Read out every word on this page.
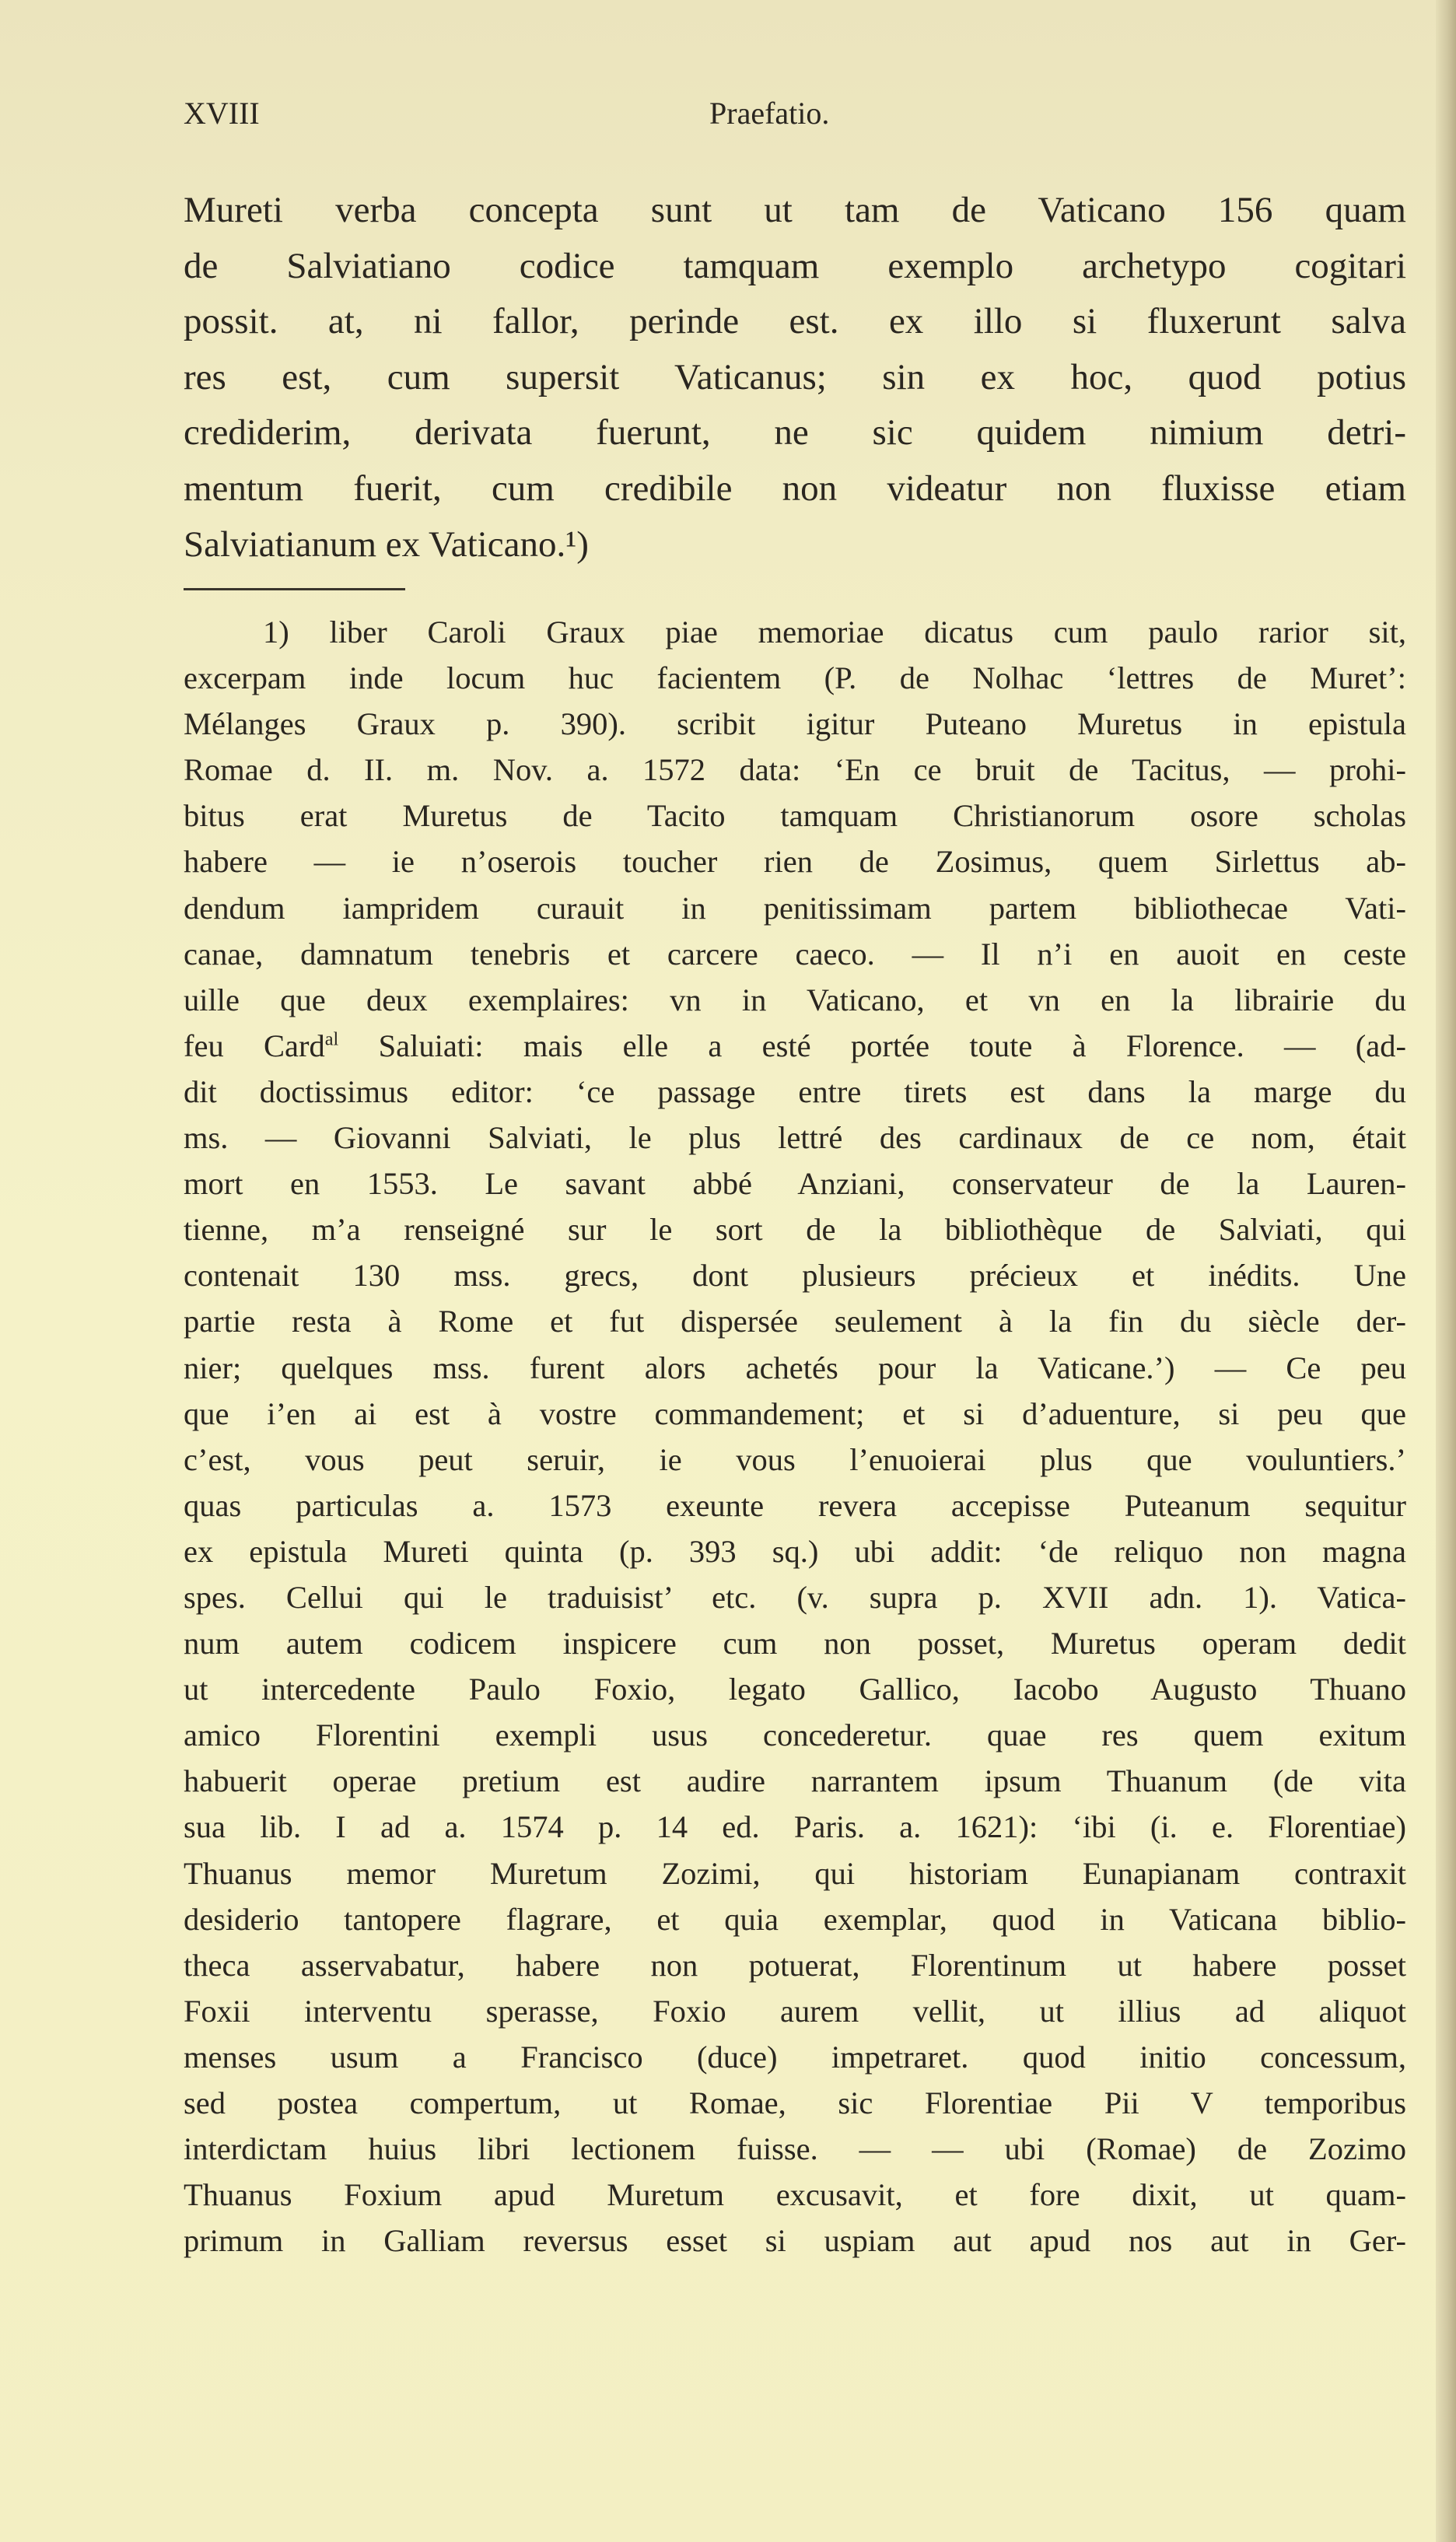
XVIII	Praefatio.
Mureti verba concepta sunt ut tam de Vaticano 156 quam
de Salviatiano codice tamquam exemplo archetypo cogitari
possit. at, ni fallor, perinde est. ex illo si fluxerunt salva
res est, cum supersit Vaticanus; sin ex hoc, quod potius
crediderim, derivata fuerunt, ne sic quidem nimium detri-
mentum fuerit, cum credibile non videatur non fluxisse etiam
Salviatianum ex Vaticano.¹)
1) liber Caroli Graux piae memoriae dicatus cum paulo rarior sit,
excerpam inde locum huc facientem (P. de Nolhac ‘lettres de Muret’:
Mélanges Graux p. 390). scribit igitur Puteano Muretus in epistula
Romae d. II. m. Nov. a. 1572 data: ‘En ce bruit de Tacitus, — prohi-
bitus erat Muretus de Tacito tamquam Christianorum osore scholas
habere — ie n’oserois toucher rien de Zosimus, quem Sirlettus ab-
dendum iampridem curauit in penitissimam partem bibliothecae Vati-
canae, damnatum tenebris et carcere caeco. — Il n’i en auoit en ceste
uille que deux exemplaires: vn in Vaticano, et vn en la librairie du
feu Card$^{al}$ Saluiati: mais elle a esté portée toute à Florence. — (ad-
dit doctissimus editor: ‘ce passage entre tirets est dans la marge du
ms. — Giovanni Salviati, le plus lettré des cardinaux de ce nom, était
mort en 1553. Le savant abbé Anziani, conservateur de la Lauren-
tienne, m’a renseigné sur le sort de la bibliothèque de Salviati, qui
contenait 130 mss. grecs, dont plusieurs précieux et inédits. Une
partie resta à Rome et fut dispersée seulement à la fin du siècle der-
nier; quelques mss. furent alors achetés pour la Vaticane.’) — Ce peu
que i’en ai est à vostre commandement; et si d’aduenture, si peu que
c’est, vous peut seruir, ie vous l’enuoierai plus que vouluntiers.’
quas particulas a. 1573 exeunte revera accepisse Puteanum sequitur
ex epistula Mureti quinta (p. 393 sq.) ubi addit: ‘de reliquo non magna
spes. Cellui qui le traduisist’ etc. (v. supra p. XVII adn. 1). Vatica-
num autem codicem inspicere cum non posset, Muretus operam dedit
ut intercedente Paulo Foxio, legato Gallico, Iacobo Augusto Thuano
amico Florentini exempli usus concederetur. quae res quem exitum
habuerit operae pretium est audire narrantem ipsum Thuanum (de vita
sua lib. I ad a. 1574 p. 14 ed. Paris. a. 1621): ‘ibi (i. e. Florentiae)
Thuanus memor Muretum Zozimi, qui historiam Eunapianam contraxit
desiderio tantopere flagrare, et quia exemplar, quod in Vaticana biblio-
theca asservabatur, habere non potuerat, Florentinum ut habere posset
Foxii interventu sperasse, Foxio aurem vellit, ut illius ad aliquot
menses usum a Francisco (duce) impetraret. quod initio concessum,
sed postea compertum, ut Romae, sic Florentiae Pii V temporibus
interdictam huius libri lectionem fuisse. — — ubi (Romae) de Zozimo
Thuanus Foxium apud Muretum excusavit, et fore dixit, ut quam-
primum in Galliam reversus esset si uspiam aut apud nos aut in Ger-
